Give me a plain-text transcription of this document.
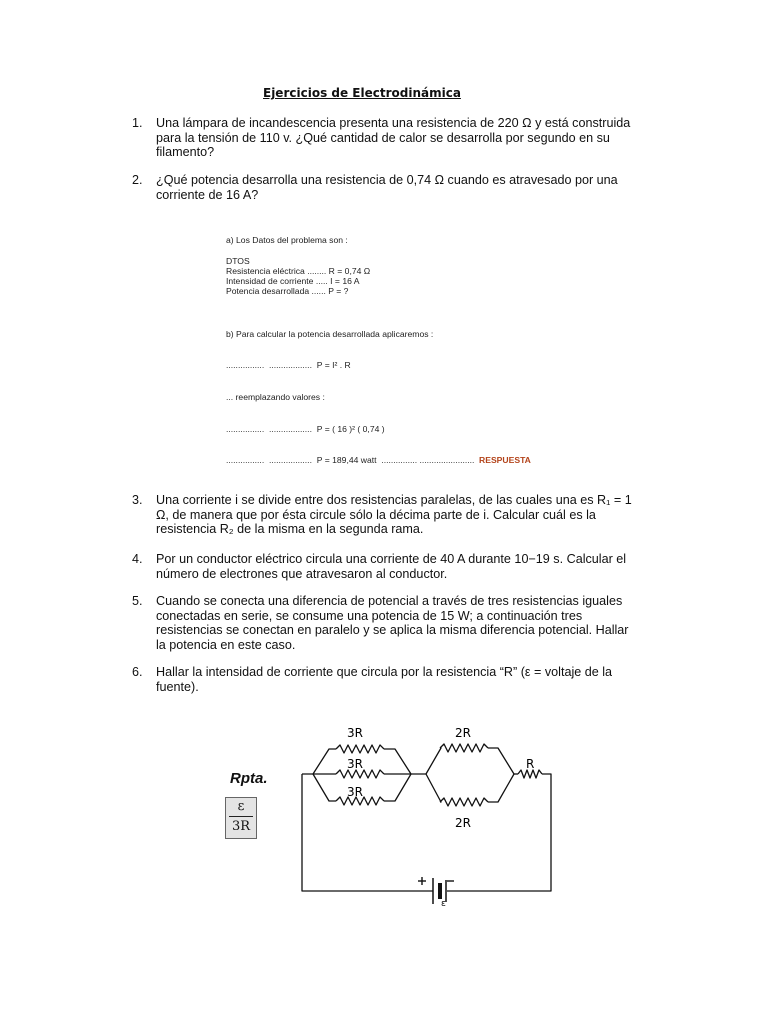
Ejercicios de Electrodinámica
1. Una lámpara de incandescencia presenta una resistencia de 220 Ω y está construida para la tensión de 110 v. ¿Qué cantidad de calor se desarrolla por segundo en su filamento?
2. ¿Qué potencia desarrolla una resistencia de 0,74 Ω cuando es atravesado por una corriente de 16 A?
a) Los Datos del problema son :
DTOS
Resistencia eléctrica ........ R = 0,74 Ω
Intensidad de corriente ..... I = 16 A
Potencia desarrollada ...... P = ?
b) Para calcular la potencia desarrollada aplicaremos :
................  ..................  P = I² . R
... reemplazando valores :
................  ..................  P = ( 16 )² ( 0,74 )
................  ..................  P = 189,44 watt  ............... ....................... RESPUESTA
3. Una corriente i se divide entre dos resistencias paralelas, de las cuales una es R₁ = 1 Ω, de manera que por ésta circule sólo la décima parte de i. Calcular cuál es la resistencia R₂ de la misma en la segunda rama.
4. Por un conductor eléctrico circula una corriente de 40 A durante 10−19 s. Calcular el número de electrones que atravesaron al conductor.
5. Cuando se conecta una diferencia de potencial a través de tres resistencias iguales conectadas en serie, se consume una potencia de 15 W; a continuación tres resistencias se conectan en paralelo y se aplica la misma diferencia potencial. Hallar la potencia en este caso.
6. Hallar la intensidad de corriente que circula por la resistencia “R” (ε = voltaje de la fuente).
Rpta.
$\frac{\varepsilon}{3R}$
3R
3R
3R
2R
2R
R
ε
